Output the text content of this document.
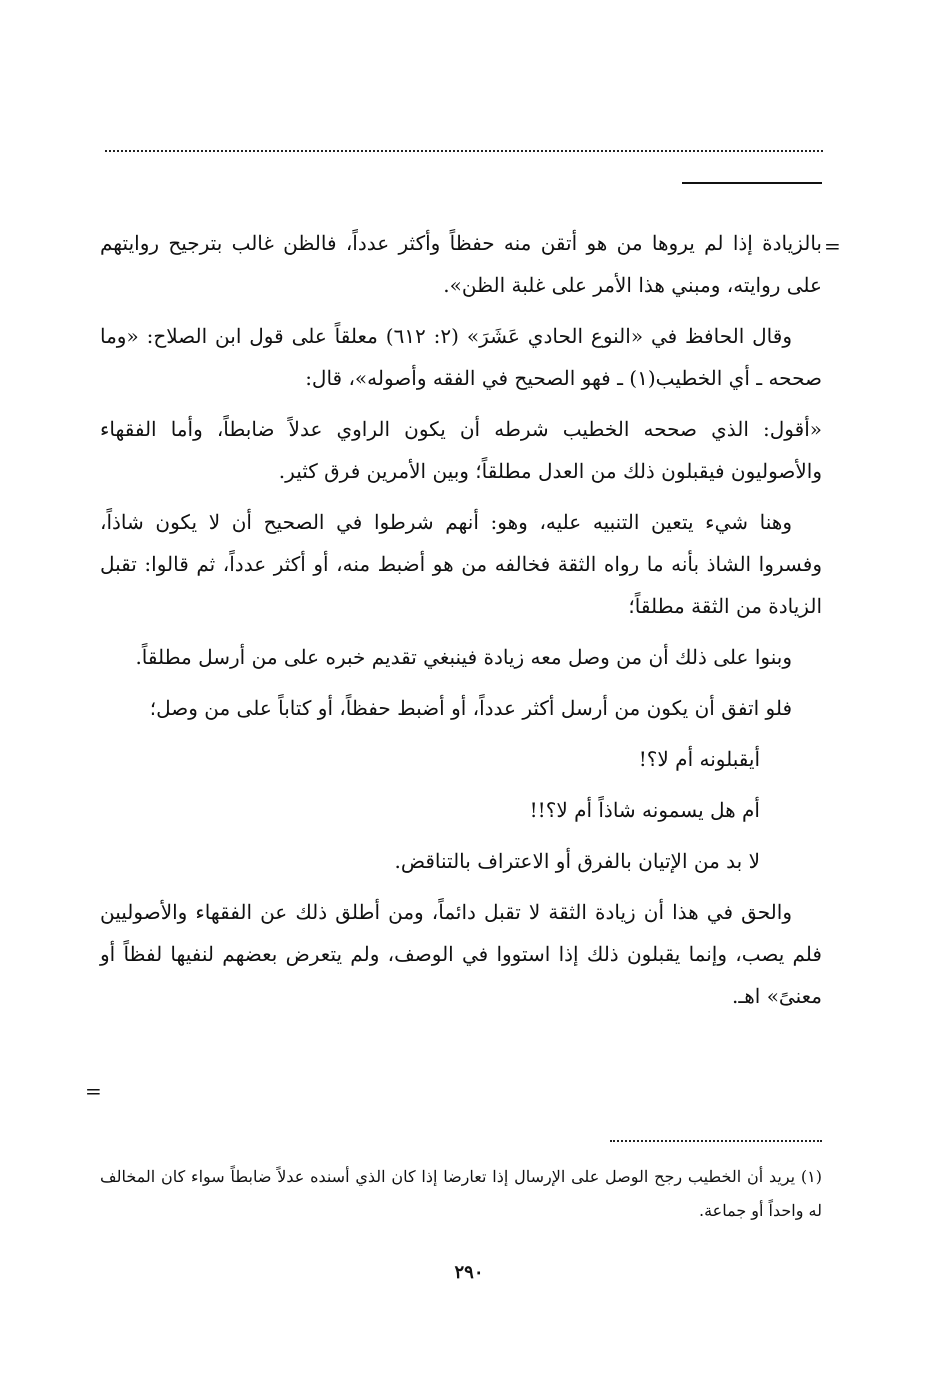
=

بالزيادة إذا لم يروها من هو أتقن منه حفظاً وأكثر عدداً، فالظن غالب بترجيح روايتهم على روايته، ومبني هذا الأمر على غلبة الظن».

وقال الحافظ في «النوع الحادي عَشَرَ» (٢: ٦١٢) معلقاً على قول ابن الصلاح: «وما صححه ـ أي الخطيب(١) ـ فهو الصحيح في الفقه وأصوله»، قال:

«أقول: الذي صححه الخطيب شرطه أن يكون الراوي عدلاً ضابطاً، وأما الفقهاء والأصوليون فيقبلون ذلك من العدل مطلقاً؛ وبين الأمرين فرق كثير.

وهنا شيء يتعين التنبيه عليه، وهو: أنهم شرطوا في الصحيح أن لا يكون شاذاً، وفسروا الشاذ بأنه ما رواه الثقة فخالفه من هو أضبط منه، أو أكثر عدداً، ثم قالوا: تقبل الزيادة من الثقة مطلقاً؛

وبنوا على ذلك أن من وصل معه زيادة فينبغي تقديم خبره على من أرسل مطلقاً.

فلو اتفق أن يكون من أرسل أكثر عدداً، أو أضبط حفظاً، أو كتاباً على من وصل؛

أيقبلونه أم لا؟!

أم هل يسمونه شاذاً أم لا؟!!

لا بد من الإتيان بالفرق أو الاعتراف بالتناقض.

والحق في هذا أن زيادة الثقة لا تقبل دائماً، ومن أطلق ذلك عن الفقهاء والأصوليين فلم يصب، وإنما يقبلون ذلك إذا استووا في الوصف، ولم يتعرض بعضهم لنفيها لفظاً أو معنىً» اهـ.

=

(١) يريد أن الخطيب رجح الوصل على الإرسال إذا تعارضا إذا كان الذي أسنده عدلاً ضابطاً سواء كان المخالف له واحداً أو جماعة.

٢٩٠
